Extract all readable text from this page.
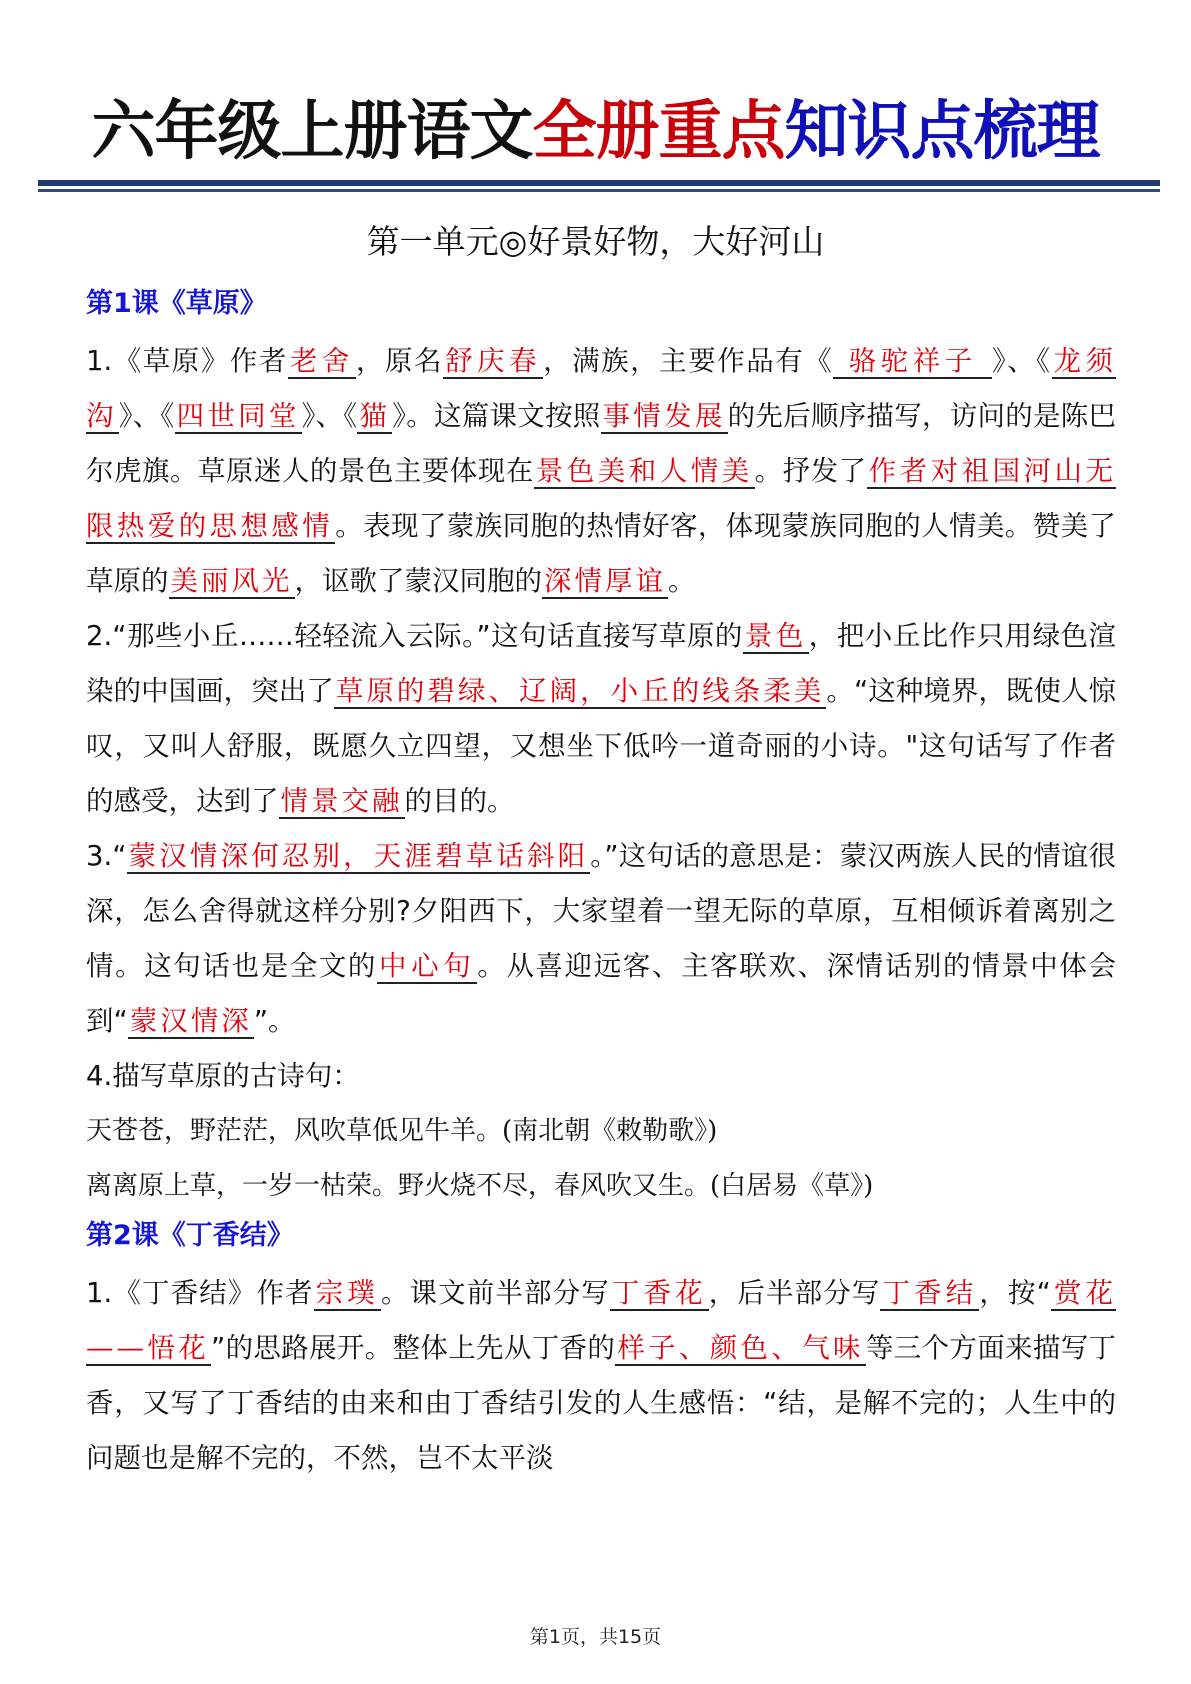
六年级上册语文全册重点知识点梳理
第一单元◎好景好物，大好河山
第1课《草原》
1.《草原》作者老舍，原名舒庆春，满族，主要作品有《 骆驼祥子 》、《龙须沟》、《四世同堂》、《猫》。这篇课文按照事情发展的先后顺序描写，访问的是陈巴尔虎旗。草原迷人的景色主要体现在景色美和人情美。抒发了作者对祖国河山无限热爱的思想感情。表现了蒙族同胞的热情好客，体现蒙族同胞的人情美。赞美了草原的美丽风光，讴歌了蒙汉同胞的深情厚谊。
2.“那些小丘……轻轻流入云际。”这句话直接写草原的景色，把小丘比作只用绿色渲染的中国画，突出了草原的碧绿、辽阔，小丘的线条柔美。“这种境界，既使人惊叹，又叫人舒服，既愿久立四望，又想坐下低吟一道奇丽的小诗。"这句话写了作者的感受，达到了情景交融的目的。
3.“蒙汉情深何忍别，天涯碧草话斜阳。”这句话的意思是：蒙汉两族人民的情谊很深，怎么舍得就这样分别?夕阳西下，大家望着一望无际的草原，互相倾诉着离别之情。这句话也是全文的中心句。从喜迎远客、主客联欢、深情话别的情景中体会到“蒙汉情深”。
4.描写草原的古诗句：
天苍苍，野茫茫，风吹草低见牛羊。(南北朝《敕勒歌》)
离离原上草，一岁一枯荣。野火烧不尽，春风吹又生。(白居易《草》)
第2课《丁香结》
1.《丁香结》作者宗璞。课文前半部分写丁香花，后半部分写丁香结，按“赏花——悟花”的思路展开。整体上先从丁香的样子、颜色、气味等三个方面来描写丁香，又写了丁香结的由来和由丁香结引发的人生感悟：“结，是解不完的；人生中的问题也是解不完的，不然，岂不太平淡
第1页，共15页
